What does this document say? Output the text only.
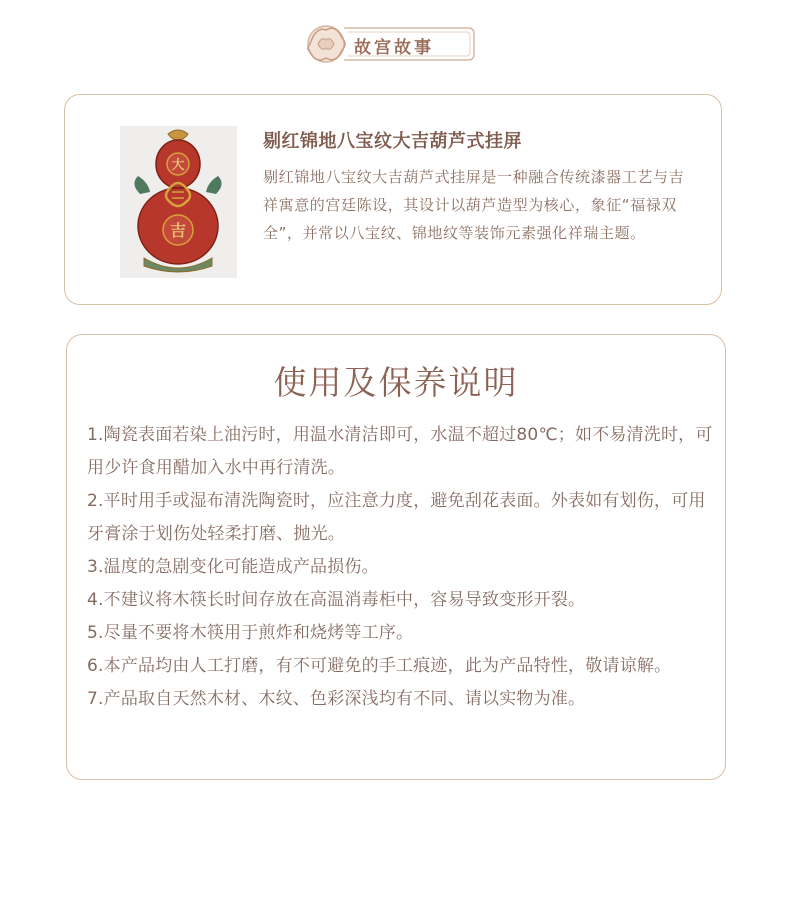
故宫故事
大
吉
剔红锦地八宝纹大吉葫芦式挂屏
剔红锦地八宝纹大吉葫芦式挂屏是一种融合传统漆器工艺与吉祥寓意的宫廷陈设，其设计以葫芦造型为核心，象征“福禄双全”，并常以八宝纹、锦地纹等装饰元素强化祥瑞主题。
使用及保养说明
1.陶瓷表面若染上油污时，用温水清洁即可，水温不超过80℃；如不易清洗时，可用少许食用醋加入水中再行清洗。
2.平时用手或湿布清洗陶瓷时，应注意力度，避免刮花表面。外表如有划伤，可用牙膏涂于划伤处轻柔打磨、抛光。
3.温度的急剧变化可能造成产品损伤。
4.不建议将木筷长时间存放在高温消毒柜中，容易导致变形开裂。
5.尽量不要将木筷用于煎炸和烧烤等工序。
6.本产品均由人工打磨，有不可避免的手工痕迹，此为产品特性，敬请谅解。
7.产品取自天然木材、木纹、色彩深浅均有不同、请以实物为准。
